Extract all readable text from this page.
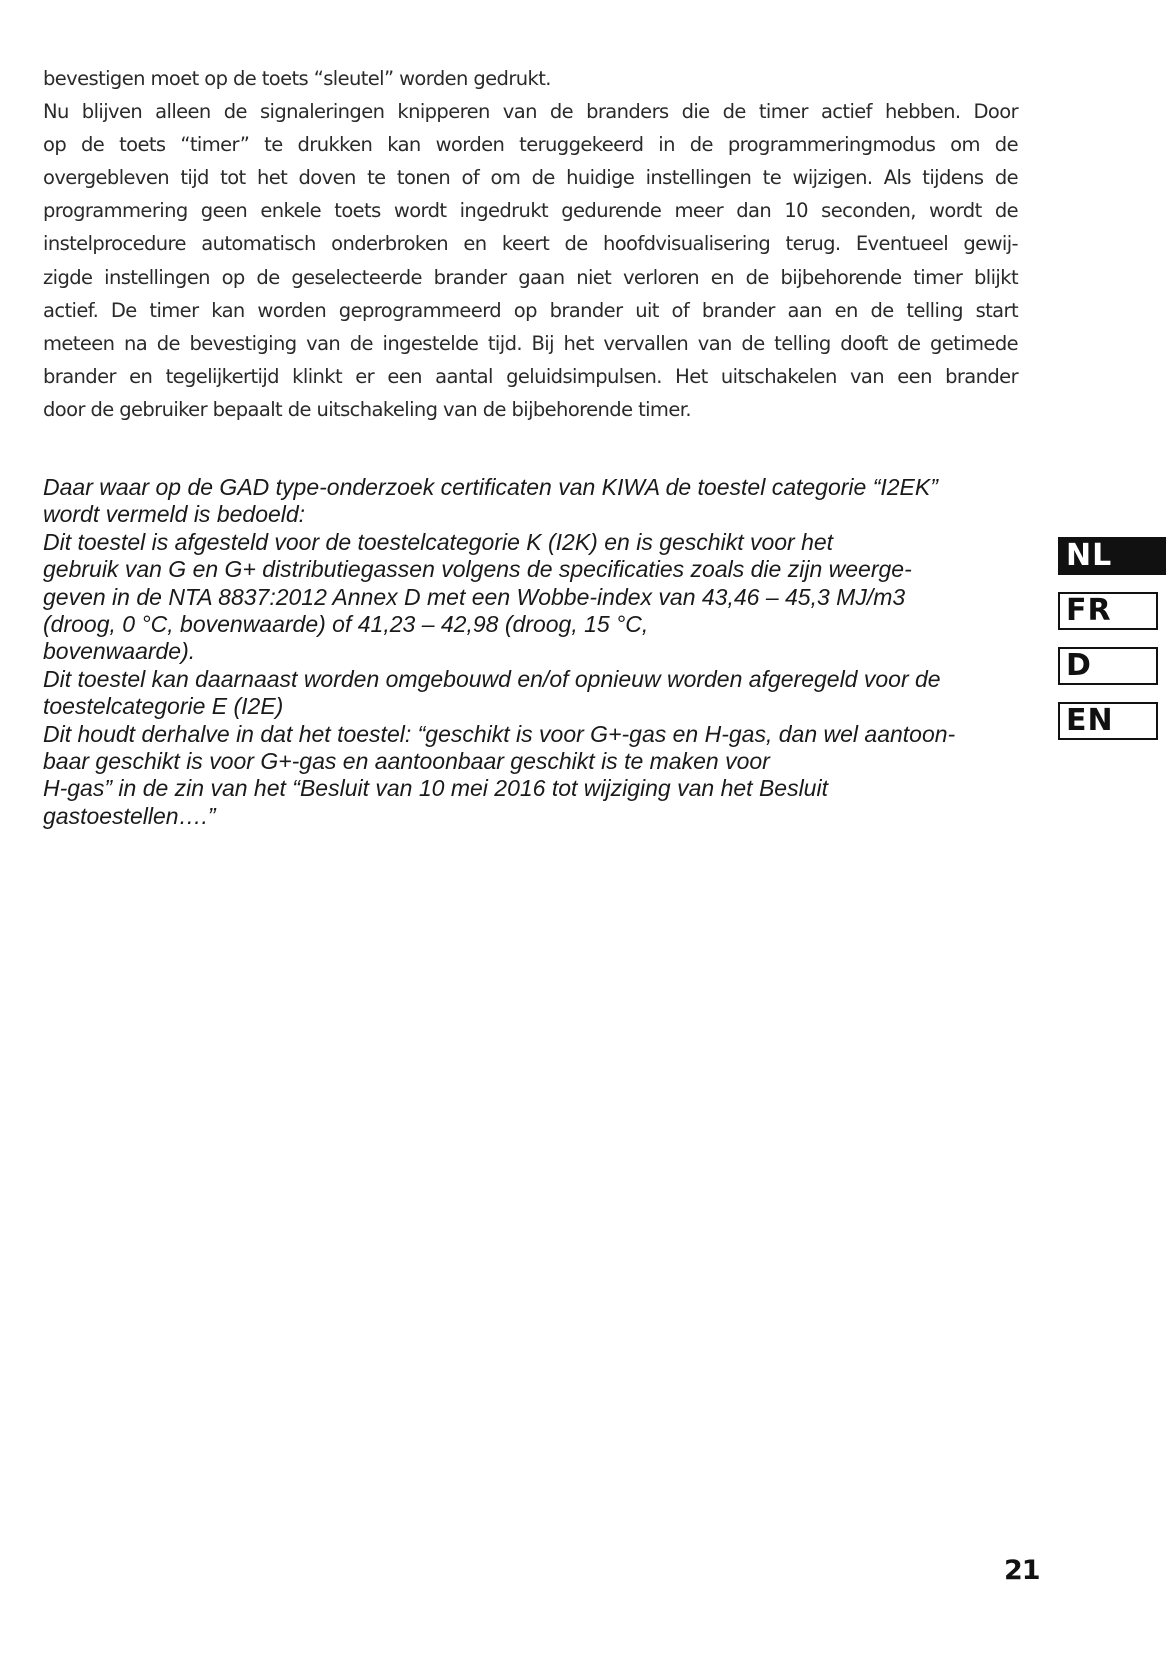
bevestigen moet op de toets “sleutel” worden gedrukt.
Nu blijven alleen de signaleringen knipperen van de branders die de timer actief hebben. Door
op de toets “timer” te drukken kan worden teruggekeerd in de programmeringmodus om de
overgebleven tijd tot het doven te tonen of om de huidige instellingen te wijzigen. Als tijdens de
programmering geen enkele toets wordt ingedrukt gedurende meer dan 10 seconden, wordt de
instelprocedure automatisch onderbroken en keert de hoofdvisualisering terug. Eventueel gewij-
zigde instellingen op de geselecteerde brander gaan niet verloren en de bijbehorende timer blijkt
actief. De timer kan worden geprogrammeerd op brander uit of brander aan en de telling start
meteen na de bevestiging van de ingestelde tijd. Bij het vervallen van de telling dooft de getimede
brander en tegelijkertijd klinkt er een aantal geluidsimpulsen. Het uitschakelen van een brander
door de gebruiker bepaalt de uitschakeling van de bijbehorende timer.
Daar waar op de GAD type-onderzoek certificaten van KIWA de toestel categorie “I2EK”
wordt vermeld is bedoeld:
Dit toestel is afgesteld voor de toestelcategorie K (I2K) en is geschikt voor het
gebruik van G en G+ distributiegassen volgens de specificaties zoals die zijn weerge-
geven in de NTA 8837:2012 Annex D met een Wobbe-index van 43,46 – 45,3 MJ/m3
(droog, 0 °C, bovenwaarde) of 41,23 – 42,98 (droog, 15 °C,
bovenwaarde).
Dit toestel kan daarnaast worden omgebouwd en/of opnieuw worden afgeregeld voor de
toestelcategorie E (I2E)
Dit houdt derhalve in dat het toestel: “geschikt is voor G+-gas en H-gas, dan wel aantoon-
baar geschikt is voor G+-gas en aantoonbaar geschikt is te maken voor
H-gas” in de zin van het “Besluit van 10 mei 2016 tot wijziging van het Besluit
gastoestellen….”
NL
FR
D
EN
21
